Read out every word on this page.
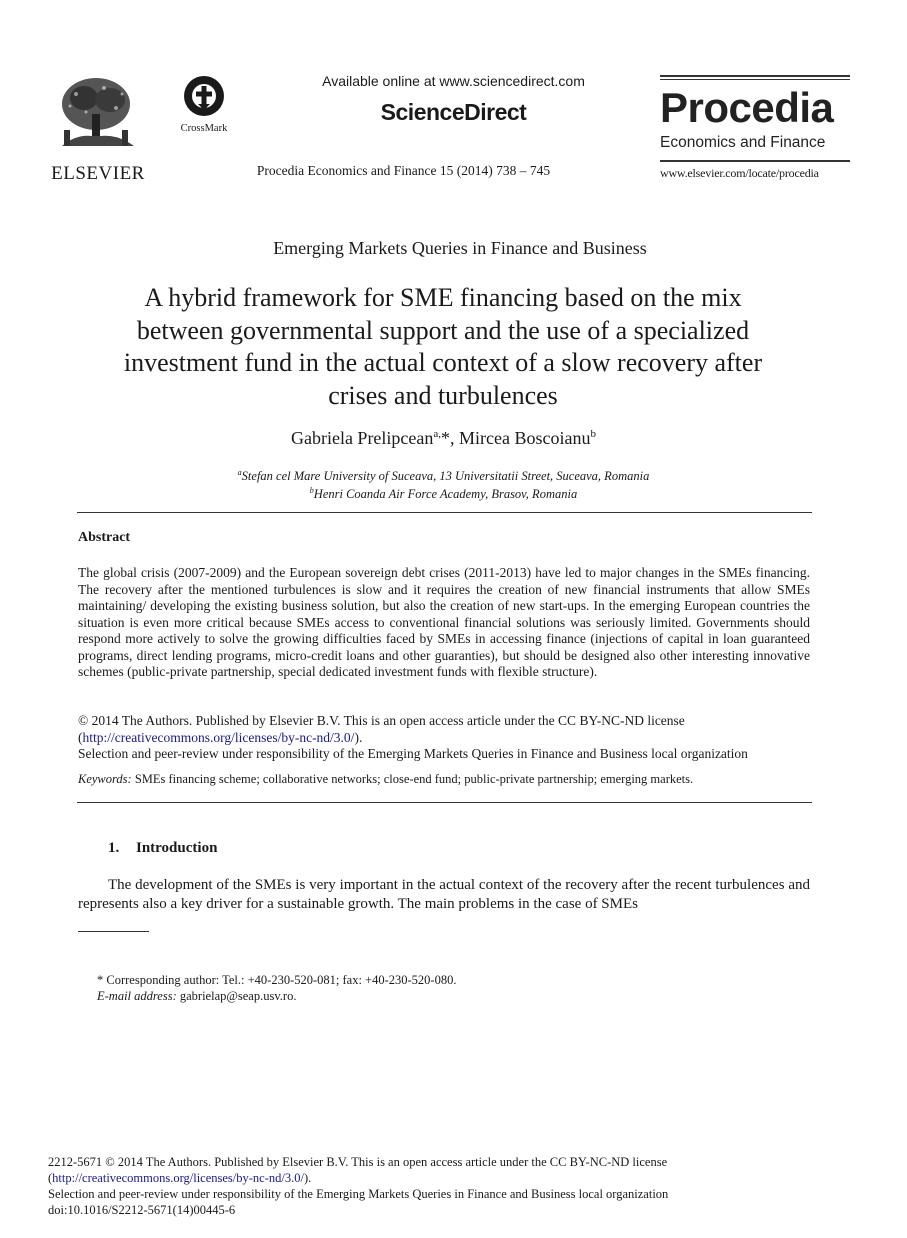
ELSEVIER
CrossMark
Available online at www.sciencedirect.com
ScienceDirect
Procedia Economics and Finance 15 (2014) 738 – 745
Procedia
Economics and Finance
www.elsevier.com/locate/procedia
Emerging Markets Queries in Finance and Business
A hybrid framework for SME financing based on the mix
between governmental support and the use of a specialized
investment fund in the actual context of a slow recovery after
crises and turbulences
Gabriela Prelipcean$^{a,}$*, Mircea Boscoianu$^b$
$^a$Stefan cel Mare University of Suceava, 13 Universitatii Street, Suceava, Romania
$^b$Henri Coanda Air Force Academy, Brasov, Romania
Abstract
The global crisis (2007-2009) and the European sovereign debt crises (2011-2013) have led to major changes in the SMEs financing. The recovery after the mentioned turbulences is slow and it requires the creation of new financial instruments that allow SMEs maintaining/ developing the existing business solution, but also the creation of new start-ups. In the emerging European countries the situation is even more critical because SMEs access to conventional financial solutions was seriously limited. Governments should respond more actively to solve the growing difficulties faced by SMEs in accessing finance (injections of capital in loan guaranteed programs, direct lending programs, micro-credit loans and other guaranties), but should be designed also other interesting innovative schemes (public-private partnership, special dedicated investment funds with flexible structure).
© 2014 The Authors. Published by Elsevier B.V. This is an open access article under the CC BY-NC-ND license
(http://creativecommons.org/licenses/by-nc-nd/3.0/).
Selection and peer-review under responsibility of the Emerging Markets Queries in Finance and Business local organization
Keywords: SMEs financing scheme; collaborative networks; close-end fund; public-private partnership; emerging markets.
1. Introduction
The development of the SMEs is very important in the actual context of the recovery after the recent turbulences and represents also a key driver for a sustainable growth. The main problems in the case of SMEs
* Corresponding author: Tel.: +40-230-520-081; fax: +40-230-520-080.
E-mail address: gabrielap@seap.usv.ro.
2212-5671 © 2014 The Authors. Published by Elsevier B.V. This is an open access article under the CC BY-NC-ND license
(http://creativecommons.org/licenses/by-nc-nd/3.0/).
Selection and peer-review under responsibility of the Emerging Markets Queries in Finance and Business local organization
doi:10.1016/S2212-5671(14)00445-6
